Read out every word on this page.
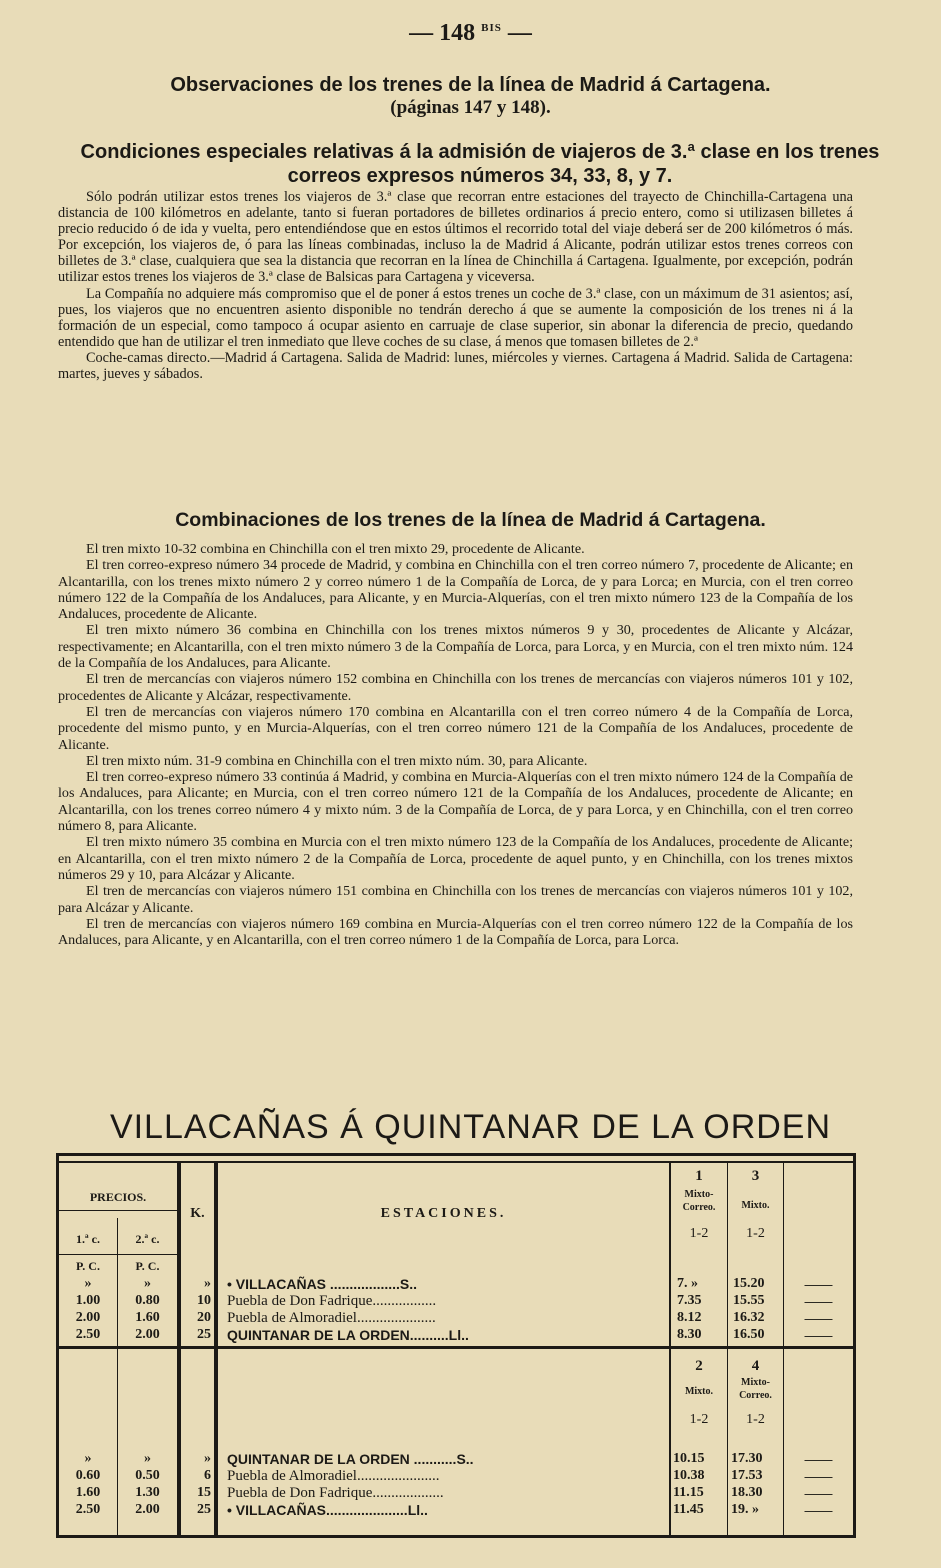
— 148 $^{BIS}$ —
Observaciones de los trenes de la línea de Madrid á Cartagena.
(páginas 147 y 148).
Condiciones especiales relativas á la admisión de viajeros de 3.ª clase en los trenes correos expresos números 34, 33, 8, y 7.

Sólo podrán utilizar estos trenes los viajeros de 3.ª clase que recorran entre estaciones del trayecto de Chinchilla-Cartagena una distancia de 100 kilómetros en adelante, tanto si fueran portadores de billetes ordinarios á precio entero, como si utilizasen billetes á precio reducido ó de ida y vuelta, pero entendiéndose que en estos últimos el recorrido total del viaje deberá ser de 200 kilómetros ó más. Por excepción, los viajeros de, ó para las líneas combinadas, incluso la de Madrid á Alicante, podrán utilizar estos trenes correos con billetes de 3.ª clase, cualquiera que sea la distancia que recorran en la línea de Chinchilla á Cartagena. Igualmente, por excepción, podrán utilizar estos trenes los viajeros de 3.ª clase de Balsicas para Cartagena y viceversa.

La Compañía no adquiere más compromiso que el de poner á estos trenes un coche de 3.ª clase, con un máximum de 31 asientos; así, pues, los viajeros que no encuentren asiento disponible no tendrán derecho á que se aumente la composición de los trenes ni á la formación de un especial, como tampoco á ocupar asiento en carruaje de clase superior, sin abonar la diferencia de precio, quedando entendido que han de utilizar el tren inmediato que lleve coches de su clase, á menos que tomasen billetes de 2.ª

Coche-camas directo.—Madrid á Cartagena. Salida de Madrid: lunes, miércoles y viernes. Cartagena á Madrid. Salida de Cartagena: martes, jueves y sábados.

Combinaciones de los trenes de la línea de Madrid á Cartagena.

El tren mixto 10-32 combina en Chinchilla con el tren mixto 29, procedente de Alicante.

El tren correo-expreso número 34 procede de Madrid, y combina en Chinchilla con el tren correo número 7, procedente de Alicante; en Alcantarilla, con los trenes mixto número 2 y correo número 1 de la Compañía de Lorca, de y para Lorca; en Murcia, con el tren correo número 122 de la Compañía de los Andaluces, para Alicante, y en Murcia-Alquerías, con el tren mixto número 123 de la Compañía de los Andaluces, procedente de Alicante.

El tren mixto número 36 combina en Chinchilla con los trenes mixtos números 9 y 30, procedentes de Alicante y Alcázar, respectivamente; en Alcantarilla, con el tren mixto número 3 de la Compañía de Lorca, para Lorca, y en Murcia, con el tren mixto núm. 124 de la Compañía de los Andaluces, para Alicante.

El tren de mercancías con viajeros número 152 combina en Chinchilla con los trenes de mercancías con viajeros números 101 y 102, procedentes de Alicante y Alcázar, respectivamente.

El tren de mercancías con viajeros número 170 combina en Alcantarilla con el tren correo número 4 de la Compañía de Lorca, procedente del mismo punto, y en Murcia-Alquerías, con el tren correo número 121 de la Compañía de los Andaluces, procedente de Alicante.

El tren mixto núm. 31-9 combina en Chinchilla con el tren mixto núm. 30, para Alicante.

El tren correo-expreso número 33 continúa á Madrid, y combina en Murcia-Alquerías con el tren mixto número 124 de la Compañía de los Andaluces, para Alicante; en Murcia, con el tren correo número 121 de la Compañía de los Andaluces, procedente de Alicante; en Alcantarilla, con los trenes correo número 4 y mixto núm. 3 de la Compañía de Lorca, de y para Lorca, y en Chinchilla, con el tren correo número 8, para Alicante.

El tren mixto número 35 combina en Murcia con el tren mixto número 123 de la Compañía de los Andaluces, procedente de Alicante; en Alcantarilla, con el tren mixto número 2 de la Compañía de Lorca, procedente de aquel punto, y en Chinchilla, con los trenes mixtos números 29 y 10, para Alcázar y Alicante.

El tren de mercancías con viajeros número 151 combina en Chinchilla con los trenes de mercancías con viajeros números 101 y 102, para Alcázar y Alicante.

El tren de mercancías con viajeros número 169 combina en Murcia-Alquerías con el tren correo número 122 de la Compañía de los Andaluces, para Alicante, y en Alcantarilla, con el tren correo número 1 de la Compañía de Lorca, para Lorca.

VILLACAÑAS Á QUINTANAR DE LA ORDEN
PRECIOS.
K.	ESTACIONES.
1.ª c.	2.ª c.
P. C.	P. C.
1
Mixto-Correo.
1-2
3
Mixto.
1-2
»	»	» • VILLACAÑAS ..................S..	7. »	15.20	——
1.00	0.80	10 Puebla de Don Fadrique.................	7.35 15.55	——
2.00	1.60	20 Puebla de Almoradiel.....................	8.12 16.32	——
2.50	2.00	25 QUINTANAR DE LA ORDEN..........Ll..	8.30 16.50	——
2
Mixto.
1-2
4
Mixto-Correo.
1-2
»	»	» QUINTANAR DE LA ORDEN ...........S..	10.15 17.30	——
0.60	0.50	6 Puebla de Almoradiel......................	10.38 17.53	——
1.60	1.30	15 Puebla de Don Fadrique...................	11.15 18.30	——
2.50	2.00	25 • VILLACAÑAS.....................Ll..	11.45 19. »	——
